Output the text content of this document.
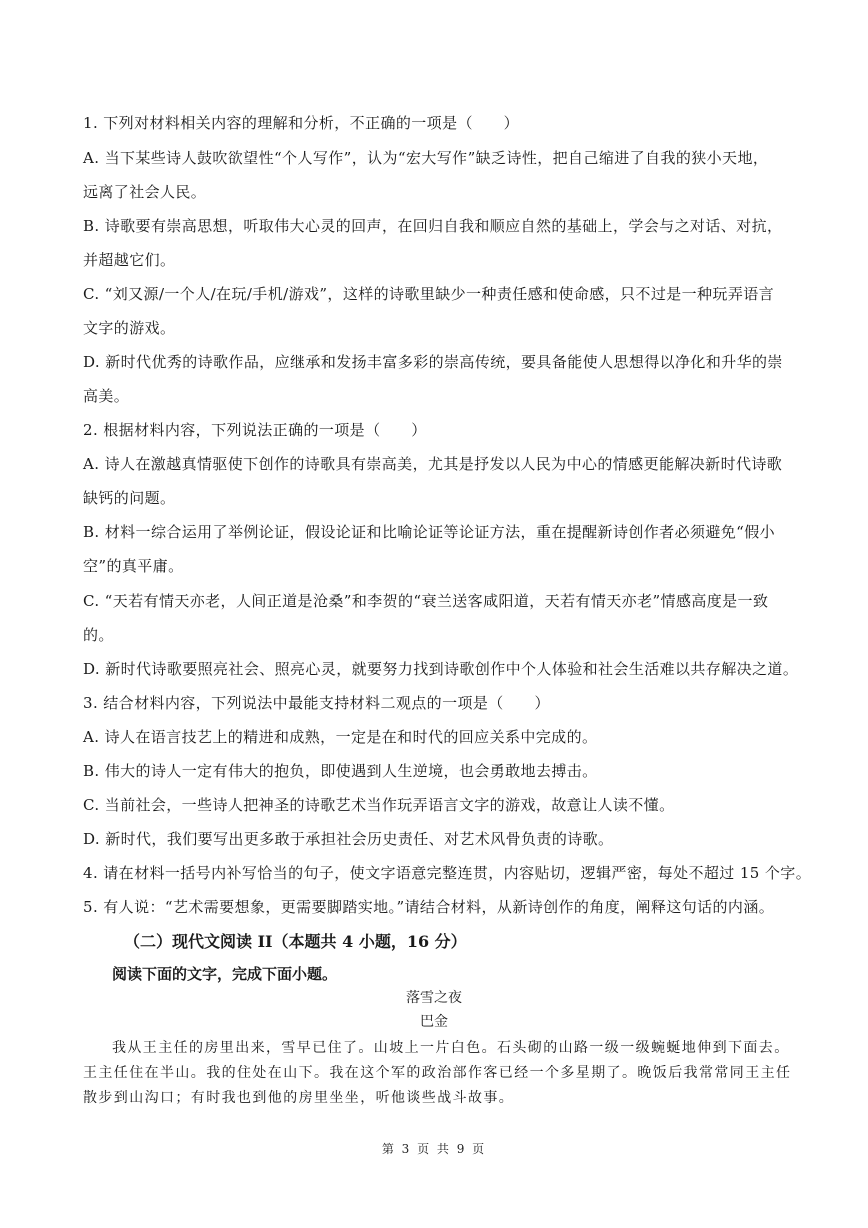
1. 下列对材料相关内容的理解和分析，不正确的一项是（　　）
A. 当下某些诗人鼓吹欲望性“个人写作”，认为“宏大写作”缺乏诗性，把自己缩进了自我的狭小天地，
远离了社会人民。
B. 诗歌要有崇高思想，听取伟大心灵的回声，在回归自我和顺应自然的基础上，学会与之对话、对抗，
并超越它们。
C. “刘又源/一个人/在玩/手机/游戏”，这样的诗歌里缺少一种责任感和使命感，只不过是一种玩弄语言
文字的游戏。
D. 新时代优秀的诗歌作品，应继承和发扬丰富多彩的崇高传统，要具备能使人思想得以净化和升华的崇
高美。
2. 根据材料内容，下列说法正确的一项是（　　）
A. 诗人在激越真情驱使下创作的诗歌具有崇高美，尤其是抒发以人民为中心的情感更能解决新时代诗歌
缺钙的问题。
B. 材料一综合运用了举例论证，假设论证和比喻论证等论证方法，重在提醒新诗创作者必须避免“假小
空”的真平庸。
C. “天若有情天亦老，人间正道是沧桑”和李贺的“衰兰送客咸阳道，天若有情天亦老”情感高度是一致
的。
D. 新时代诗歌要照亮社会、照亮心灵，就要努力找到诗歌创作中个人体验和社会生活难以共存解决之道。
3. 结合材料内容，下列说法中最能支持材料二观点的一项是（　　）
A. 诗人在语言技艺上的精进和成熟，一定是在和时代的回应关系中完成的。
B. 伟大的诗人一定有伟大的抱负，即使遇到人生逆境，也会勇敢地去搏击。
C. 当前社会，一些诗人把神圣的诗歌艺术当作玩弄语言文字的游戏，故意让人读不懂。
D. 新时代，我们要写出更多敢于承担社会历史责任、对艺术风骨负责的诗歌。
4. 请在材料一括号内补写恰当的句子，使文字语意完整连贯，内容贴切，逻辑严密，每处不超过 15 个字。
5. 有人说：“艺术需要想象，更需要脚踏实地。”请结合材料，从新诗创作的角度，阐释这句话的内涵。
（二）现代文阅读 II（本题共 4 小题，16 分）
阅读下面的文字，完成下面小题。
落雪之夜
巴金
我从王主任的房里出来，雪早已住了。山坡上一片白色。石头砌的山路一级一级蜿蜒地伸到下面去。
王主任住在半山。我的住处在山下。我在这个军的政治部作客已经一个多星期了。晚饭后我常常同王主任
散步到山沟口；有时我也到他的房里坐坐，听他谈些战斗故事。
第 3 页 共 9 页
